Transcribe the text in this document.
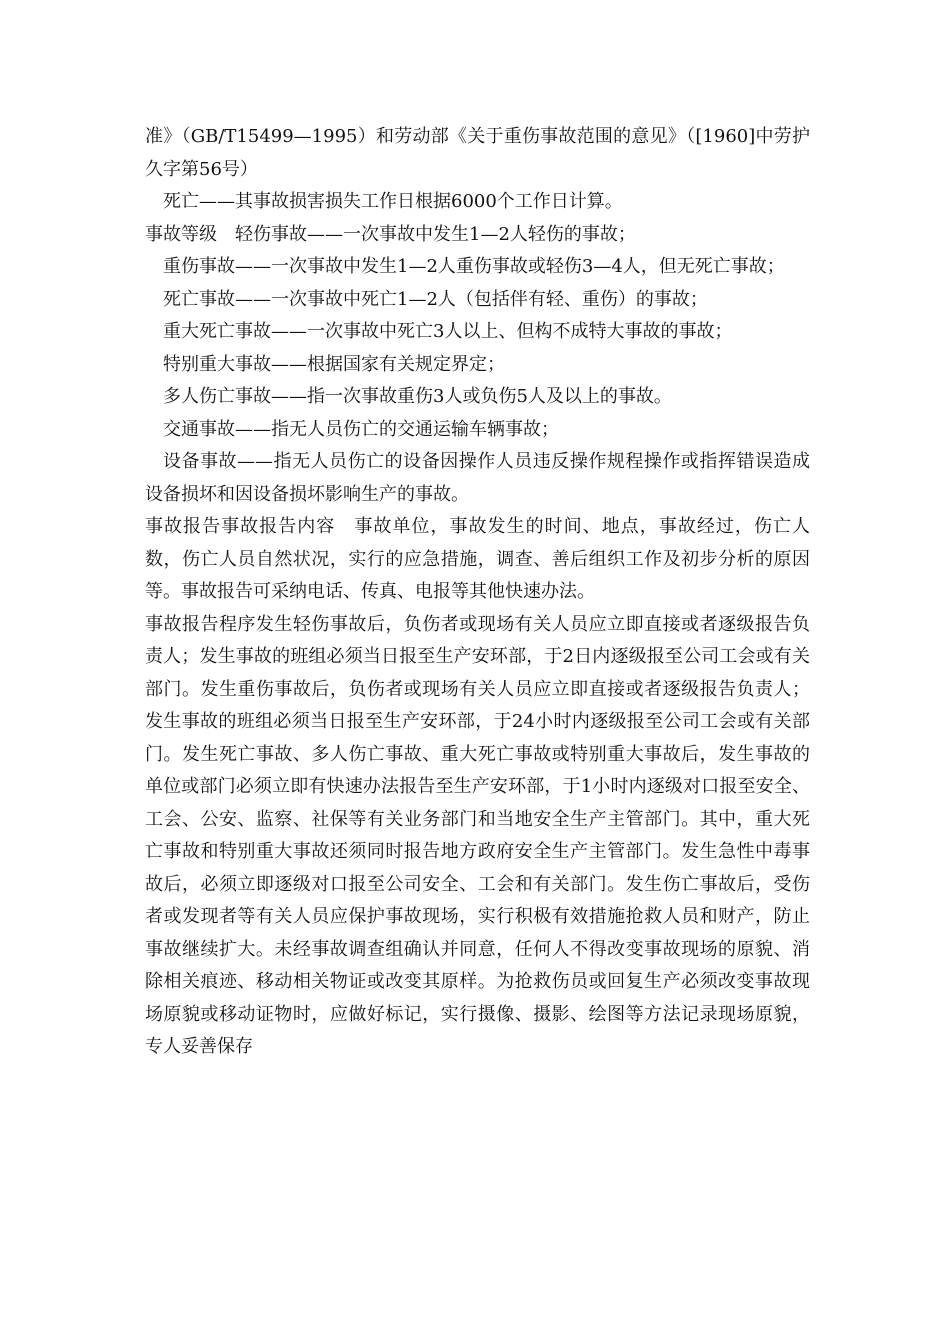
准》（GB/T15499—1995）和劳动部《关于重伤事故范围的意见》（[1960]中劳护久字第56号）

死亡——其事故损害损失工作日根据6000个工作日计算。

事故等级　轻伤事故——一次事故中发生1—2人轻伤的事故；

重伤事故——一次事故中发生1—2人重伤事故或轻伤3—4人，但无死亡事故；

死亡事故——一次事故中死亡1—2人（包括伴有轻、重伤）的事故；

重大死亡事故——一次事故中死亡3人以上、但构不成特大事故的事故；

特别重大事故——根据国家有关规定界定；

多人伤亡事故——指一次事故重伤3人或负伤5人及以上的事故。

交通事故——指无人员伤亡的交通运输车辆事故；

设备事故——指无人员伤亡的设备因操作人员违反操作规程操作或指挥错误造成设备损坏和因设备损坏影响生产的事故。

事故报告事故报告内容　事故单位，事故发生的时间、地点，事故经过，伤亡人数，伤亡人员自然状况，实行的应急措施，调查、善后组织工作及初步分析的原因等。事故报告可采纳电话、传真、电报等其他快速办法。

事故报告程序发生轻伤事故后，负伤者或现场有关人员应立即直接或者逐级报告负责人；发生事故的班组必须当日报至生产安环部，于2日内逐级报至公司工会或有关部门。发生重伤事故后，负伤者或现场有关人员应立即直接或者逐级报告负责人；发生事故的班组必须当日报至生产安环部，于24小时内逐级报至公司工会或有关部门。发生死亡事故、多人伤亡事故、重大死亡事故或特别重大事故后，发生事故的单位或部门必须立即有快速办法报告至生产安环部，于1小时内逐级对口报至安全、工会、公安、监察、社保等有关业务部门和当地安全生产主管部门。其中，重大死亡事故和特别重大事故还须同时报告地方政府安全生产主管部门。发生急性中毒事故后，必须立即逐级对口报至公司安全、工会和有关部门。发生伤亡事故后，受伤者或发现者等有关人员应保护事故现场，实行积极有效措施抢救人员和财产，防止事故继续扩大。未经事故调查组确认并同意，任何人不得改变事故现场的原貌、消除相关痕迹、移动相关物证或改变其原样。为抢救伤员或回复生产必须改变事故现场原貌或移动证物时，应做好标记，实行摄像、摄影、绘图等方法记录现场原貌，专人妥善保存
